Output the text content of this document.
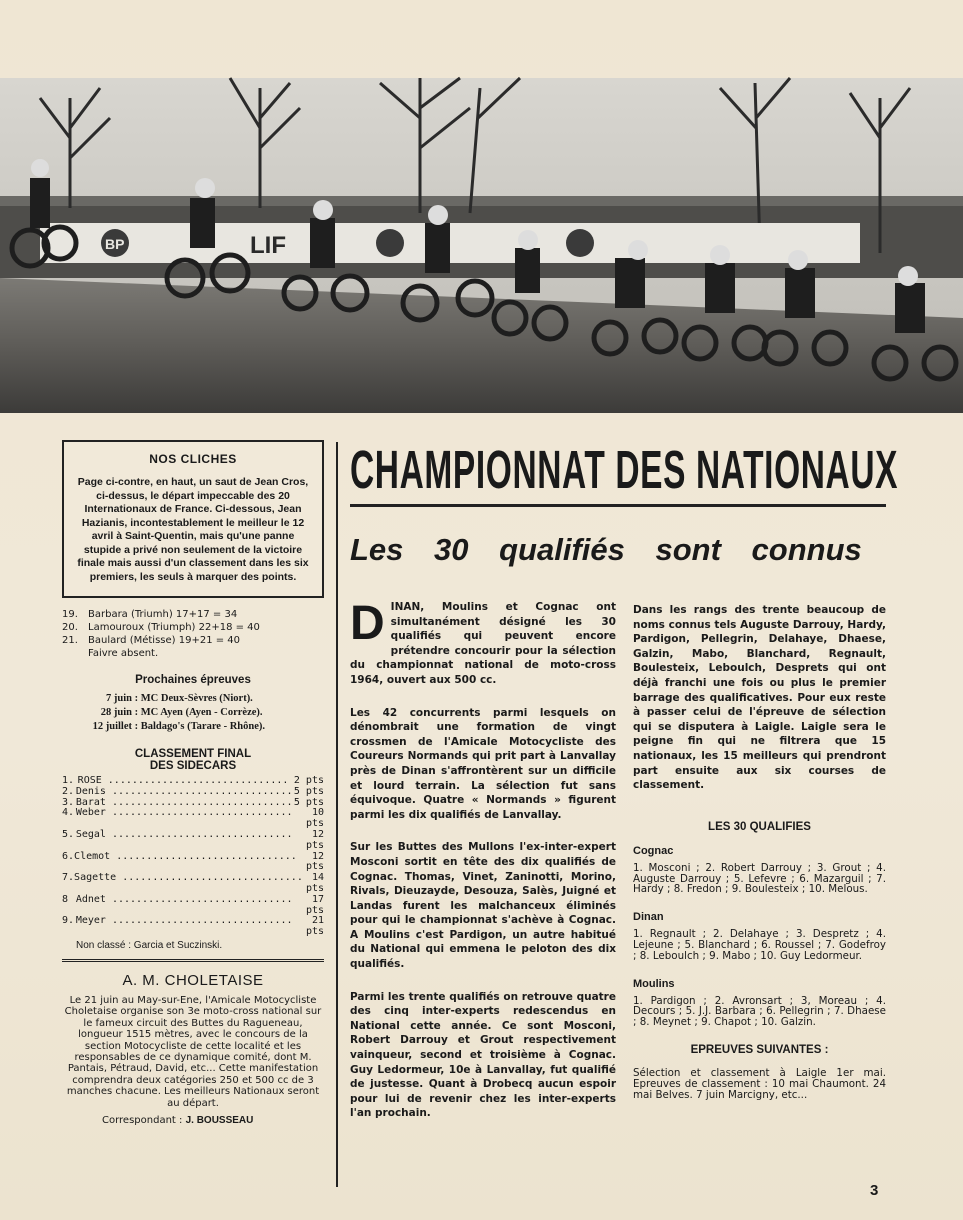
BP	LIF

NOS CLICHES

Page ci-contre, en haut, un saut de Jean Cros, ci-dessus, le départ impeccable des 20 Internationaux de France. Ci-dessous, Jean Hazianis, incontestablement le meilleur le 12 avril à Saint-Quentin, mais qu'une panne stupide a privé non seulement de la victoire finale mais aussi d'un classement dans les six premiers, les seuls à marquer des points.

19.	Barbara (Triumh) 17+17 = 34
20.	Lamouroux (Triumph) 22+18 = 40
21.	Baulard (Métisse) 19+21 = 40
Faivre absent.

Prochaines épreuves

7 juin : MC Deux-Sèvres (Niort).
28 juin : MC Ayen (Ayen - Corrèze).
12 juillet : Baldago's (Tarare - Rhône).

CLASSEMENT FINAL
DES SIDECARS

1. ROSE .............................. 2 pts
2. Denis .............................. 5 pts
3. Barat .............................. 5 pts
4. Weber ..............................	10 pts
5. Segal ..............................	12 pts
6. Clemot ..............................	12 pts
7. Sagette .............................. 14 pts
8 Adnet ..............................	17 pts
9. Meyer ..............................	21 pts
Non classé : Garcia et Suczinski.

A. M. CHOLETAISE

Le 21 juin au May-sur-Ene, l'Amicale Motocycliste Choletaise organise son 3e moto-cross national sur le fameux circuit des Buttes du Ragueneau, longueur 1515 mètres, avec le concours de la section Motocycliste de cette localité et les responsables de ce dynamique comité, dont M. Pantais, Pétraud, David, etc... Cette manifestation comprendra deux catégories 250 et 500 cc de 3 manches chacune. Les meilleurs Nationaux seront au départ.

Correspondant : J. BOUSSEAU
CHAMPIONNAT DES NATIONAUX
Les 30 qualifiés sont connus

DINAN, Moulins et Cognac ont simultanément désigné les 30 qualifiés qui peuvent encore prétendre concourir pour la sélection du championnat national de moto-cross 1964, ouvert aux 500 cc.

Les 42 concurrents parmi lesquels on dénombrait une formation de vingt crossmen de l'Amicale Motocycliste des Coureurs Normands qui prit part à Lanvallay près de Dinan s'affrontèrent sur un difficile et lourd terrain. La sélection fut sans équivoque. Quatre « Normands » figurent parmi les dix qualifiés de Lanvallay.

Sur les Buttes des Mullons l'ex-inter-expert Mosconi sortit en tête des dix qualifiés de Cognac. Thomas, Vinet, Zaninotti, Morino, Rivals, Dieuzayde, Desouza, Salès, Juigné et Landas furent les malchanceux éliminés pour qui le championnat s'achève à Cognac. A Moulins c'est Pardigon, un autre habitué du National qui emmena le peloton des dix qualifiés.

Parmi les trente qualifiés on retrouve quatre des cinq inter-experts redescendus en National cette année. Ce sont Mosconi, Robert Darrouy et Grout respectivement vainqueur, second et troisième à Cognac. Guy Ledormeur, 10e à Lanvallay, fut qualifié de justesse. Quant à Drobecq aucun espoir pour lui de revenir chez les inter-experts l'an prochain.

Dans les rangs des trente beaucoup de noms connus tels Auguste Darrouy, Hardy, Pardigon, Pellegrin, Delahaye, Dhaese, Galzin, Mabo, Blanchard, Regnault, Boulesteix, Leboulch, Desprets qui ont déjà franchi une fois ou plus le premier barrage des qualificatives. Pour eux reste à passer celui de l'épreuve de sélection qui se disputera à Laigle. Laigle sera le peigne fin qui ne filtrera que 15 nationaux, les 15 meilleurs qui prendront part ensuite aux six courses de classement.

LES 30 QUALIFIES

Cognac

1. Mosconi ; 2. Robert Darrouy ; 3. Grout ; 4. Auguste Darrouy ; 5. Lefevre ; 6. Mazarguil ; 7. Hardy ; 8. Fredon ; 9. Boulesteix ; 10. Melous.

Dinan

1. Regnault ; 2. Delahaye ; 3. Despretz ; 4. Lejeune ; 5. Blanchard ; 6. Roussel ; 7. Godefroy ; 8. Leboulch ; 9. Mabo ; 10. Guy Ledormeur.

Moulins

1. Pardigon ; 2. Avronsart ; 3, Moreau ; 4. Decours ; 5. J.J. Barbara ; 6. Pellegrin ; 7. Dhaese ; 8. Meynet ; 9. Chapot ; 10. Galzin.

EPREUVES SUIVANTES :

Sélection et classement à Laigle 1er mai. Epreuves de classement : 10 mai Chaumont. 24 mai Belves. 7 juin Marcigny, etc...

3
